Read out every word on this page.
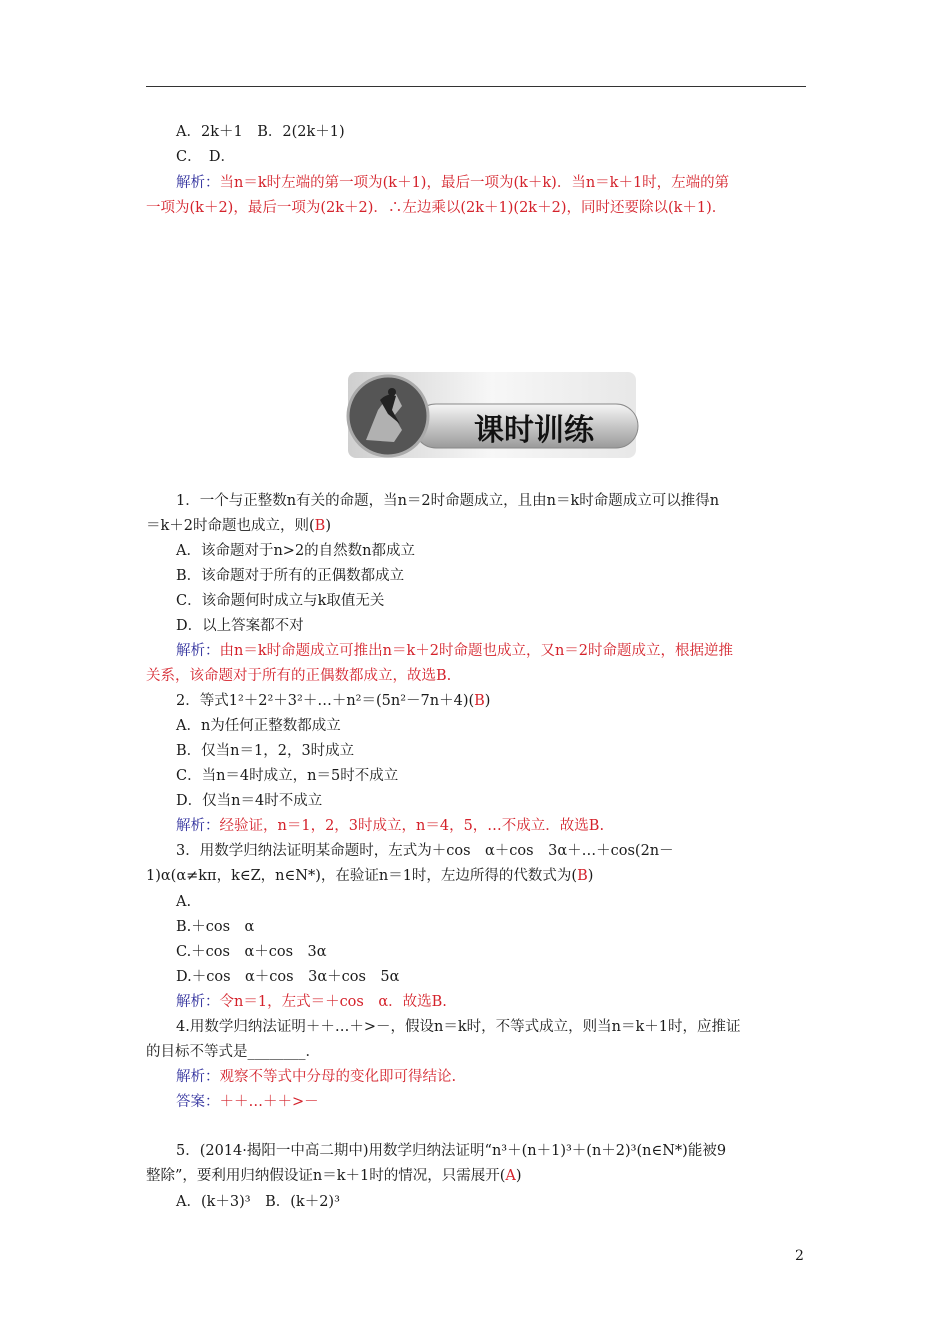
A．2k＋1　B．2(2k＋1)
C．　D．
解析：当n＝k时左端的第一项为(k＋1)，最后一项为(k＋k)．当n＝k＋1时，左端的第
一项为(k＋2)，最后一项为(2k＋2)．∴左边乘以(2k＋1)(2k＋2)，同时还要除以(k＋1)．
课时训练
1．一个与正整数n有关的命题，当n＝2时命题成立，且由n＝k时命题成立可以推得n
＝k＋2时命题也成立，则(B)
A．该命题对于n>2的自然数n都成立
B．该命题对于所有的正偶数都成立
C．该命题何时成立与k取值无关
D．以上答案都不对
解析：由n＝k时命题成立可推出n＝k＋2时命题也成立，又n＝2时命题成立，根据逆推
关系，该命题对于所有的正偶数都成立，故选B.
2．等式1²＋2²＋3²＋…＋n²＝(5n²－7n＋4)(B)
A．n为任何正整数都成立
B．仅当n＝1，2，3时成立
C．当n＝4时成立，n＝5时不成立
D．仅当n＝4时不成立
解析：经验证，n＝1，2，3时成立，n＝4，5，…不成立．故选B.
3．用数学归纳法证明某命题时，左式为＋cos　α＋cos　3α＋…＋cos(2n－
1)α(α≠kπ，k∈Z，n∈N*)，在验证n＝1时，左边所得的代数式为(B)
A.
B.＋cos　α
C.＋cos　α＋cos　3α
D.＋cos　α＋cos　3α＋cos　5α
解析：令n＝1，左式＝＋cos　α．故选B.
4.用数学归纳法证明＋＋…＋>－，假设n＝k时，不等式成立，则当n＝k＋1时，应推证
的目标不等式是________．
解析：观察不等式中分母的变化即可得结论.
答案：＋＋…＋＋>－
5．(2014·揭阳一中高二期中)用数学归纳法证明“n³＋(n＋1)³＋(n＋2)³(n∈N*)能被9
整除”，要利用归纳假设证n＝k＋1时的情况，只需展开(A)
A．(k＋3)³　B．(k＋2)³
2
